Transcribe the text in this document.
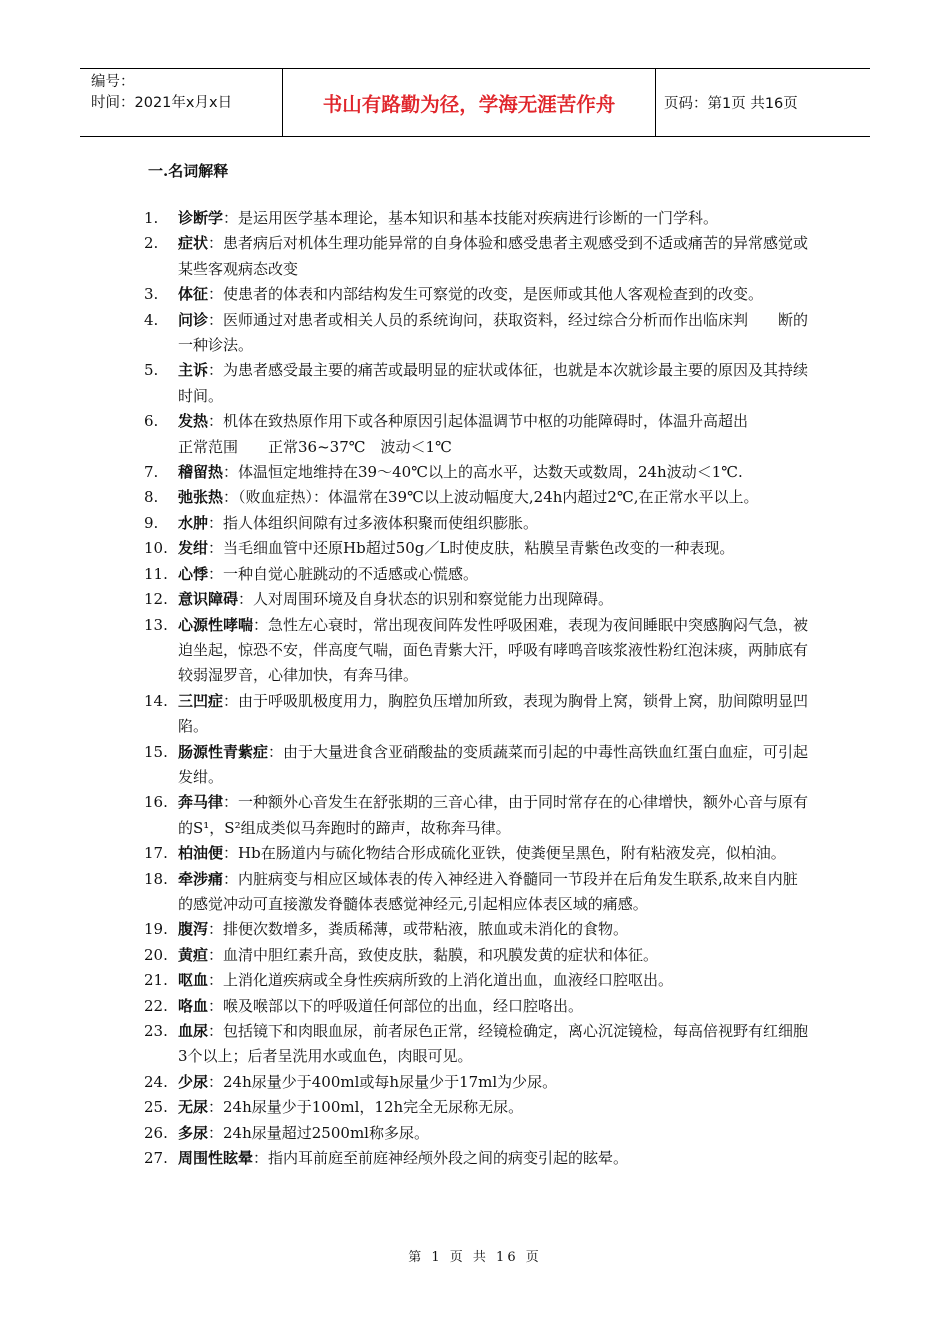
编号：
时间：2021年x月x日	书山有路勤为径，学海无涯苦作舟	页码：第1页 共16页
一.名词解释
1. 诊断学：是运用医学基本理论，基本知识和基本技能对疾病进行诊断的一门学科。
2. 症状：患者病后对机体生理功能异常的自身体验和感受患者主观感受到不适或痛苦的异常感觉或某些客观病态改变
3. 体征：使患者的体表和内部结构发生可察觉的改变，是医师或其他人客观检查到的改变。
4. 问诊：医师通过对患者或相关人员的系统询问，获取资料，经过综合分析而作出临床判　　断的一种诊法。
5. 主诉：为患者感受最主要的痛苦或最明显的症状或体征，也就是本次就诊最主要的原因及其持续时间。
6. 发热：机体在致热原作用下或各种原因引起体温调节中枢的功能障碍时，体温升高超出　　　　正常范围　　正常36~37℃　波动＜1℃
7. 稽留热：体温恒定地维持在39～40℃以上的高水平，达数天或数周，24h波动＜1℃.
8. 弛张热：（败血症热）：体温常在39℃以上波动幅度大,24h内超过2℃,在正常水平以上。
9. 水肿：指人体组织间隙有过多液体积聚而使组织膨胀。
10. 发绀：当毛细血管中还原Hb超过50g／L时使皮肤，粘膜呈青紫色改变的一种表现。
11. 心悸：一种自觉心脏跳动的不适感或心慌感。
12. 意识障碍：人对周围环境及自身状态的识别和察觉能力出现障碍。
13. 心源性哮喘：急性左心衰时，常出现夜间阵发性呼吸困难，表现为夜间睡眠中突感胸闷气急，被迫坐起，惊恐不安，伴高度气喘，面色青紫大汗，呼吸有哮鸣音咳浆液性粉红泡沫痰，两肺底有较弱湿罗音，心律加快，有奔马律。
14. 三凹症：由于呼吸肌极度用力，胸腔负压增加所致，表现为胸骨上窝，锁骨上窝，肋间隙明显凹陷。
15. 肠源性青紫症：由于大量进食含亚硝酸盐的变质蔬菜而引起的中毒性高铁血红蛋白血症，可引起发绀。
16. 奔马律：一种额外心音发生在舒张期的三音心律，由于同时常存在的心律增快，额外心音与原有的S¹，S²组成类似马奔跑时的蹄声，故称奔马律。
17. 柏油便：Hb在肠道内与硫化物结合形成硫化亚铁，使粪便呈黑色，附有粘液发亮，似柏油。
18. 牵涉痛：内脏病变与相应区域体表的传入神经进入脊髓同一节段并在后角发生联系,故来自内脏的感觉冲动可直接激发脊髓体表感觉神经元,引起相应体表区域的痛感。
19. 腹泻：排便次数增多，粪质稀薄，或带粘液，脓血或未消化的食物。
20. 黄疸：血清中胆红素升高，致使皮肤，黏膜，和巩膜发黄的症状和体征。
21. 呕血：上消化道疾病或全身性疾病所致的上消化道出血，血液经口腔呕出。
22. 咯血：喉及喉部以下的呼吸道任何部位的出血，经口腔咯出。
23. 血尿：包括镜下和肉眼血尿，前者尿色正常，经镜检确定，离心沉淀镜检，每高倍视野有红细胞3个以上；后者呈洗用水或血色，肉眼可见。
24. 少尿：24h尿量少于400ml或每h尿量少于17ml为少尿。
25. 无尿：24h尿量少于100ml，12h完全无尿称无尿。
26. 多尿：24h尿量超过2500ml称多尿。
27. 周围性眩晕：指内耳前庭至前庭神经颅外段之间的病变引起的眩晕。
第 1 页 共 16 页
